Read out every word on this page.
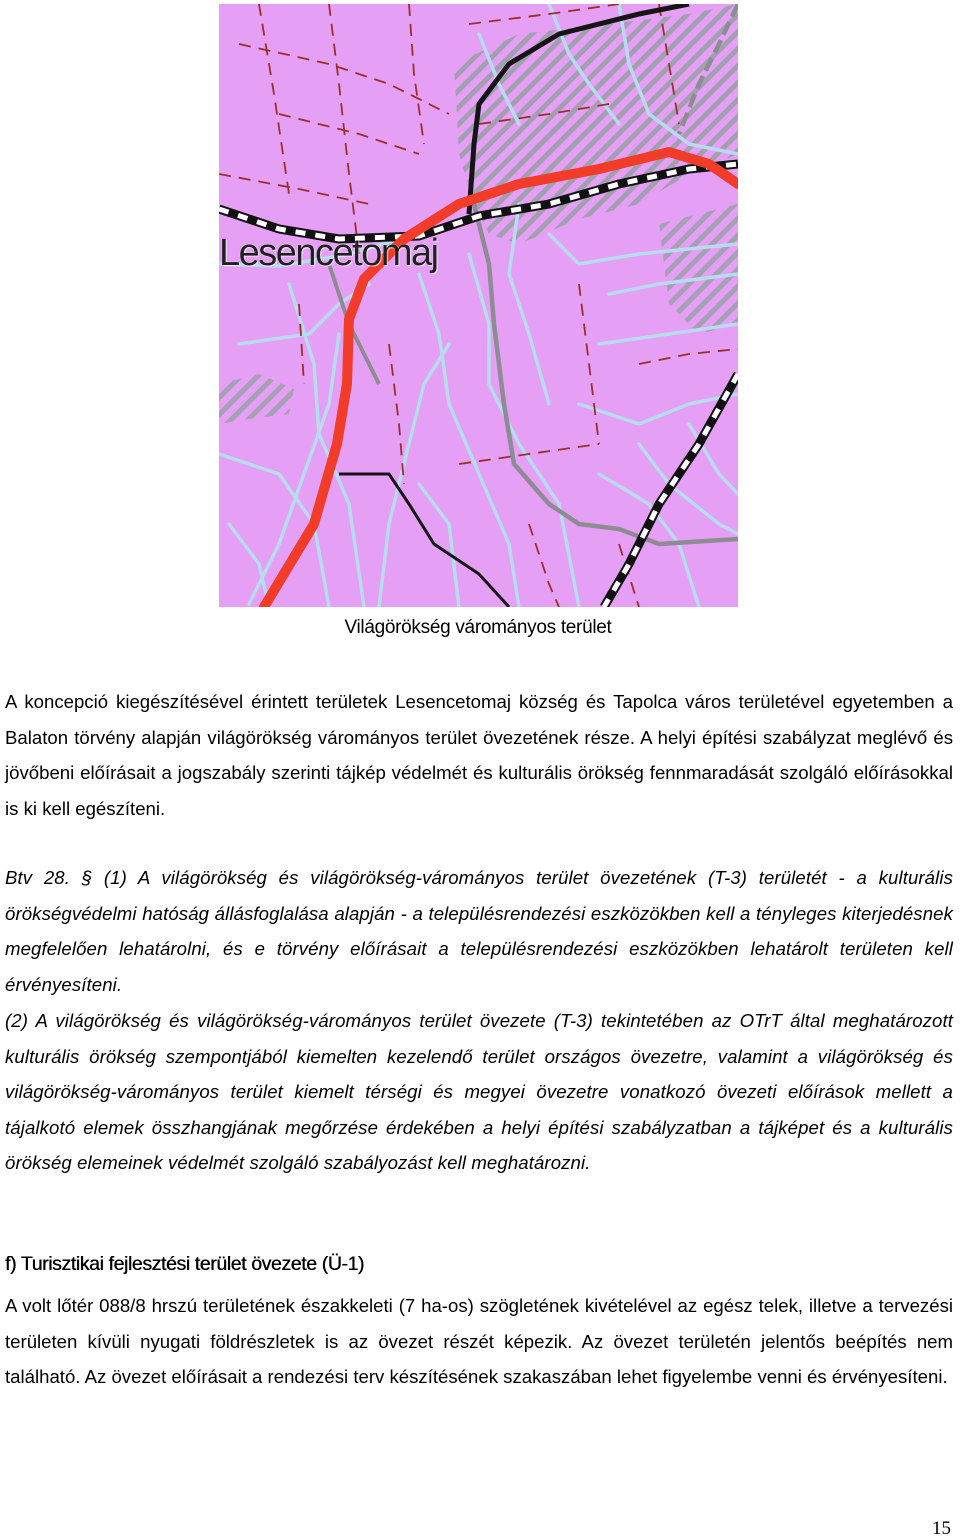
Lesencetomaj
Világörökség várományos terület

A koncepció kiegészítésével érintett területek Lesencetomaj község és Tapolca város területével egyetemben a Balaton törvény alapján világörökség várományos terület övezetének része. A helyi építési szabályzat meglévő és jövőbeni előírásait a jogszabály szerinti tájkép védelmét és kulturális örökség fennmaradását szolgáló előírásokkal is ki kell egészíteni.

Btv 28. § (1) A világörökség és világörökség-várományos terület övezetének (T-3) területét - a kulturális örökségvédelmi hatóság állásfoglalása alapján - a településrendezési eszközökben kell a tényleges kiterjedésnek megfelelően lehatárolni, és e törvény előírásait a településrendezési eszközökben lehatárolt területen kell érvényesíteni.

(2) A világörökség és világörökség-várományos terület övezete (T-3) tekintetében az OTrT által meghatározott kulturális örökség szempontjából kiemelten kezelendő terület országos övezetre, valamint a világörökség és világörökség-várományos terület kiemelt térségi és megyei övezetre vonatkozó övezeti előírások mellett a tájalkotó elemek összhangjának megőrzése érdekében a helyi építési szabályzatban a tájképet és a kulturális örökség elemeinek védelmét szolgáló szabályozást kell meghatározni.

f) Turisztikai fejlesztési terület övezete (Ü-1)

A volt lőtér 088/8 hrszú területének északkeleti (7 ha-os) szögletének kivételével az egész telek, illetve a tervezési területen kívüli nyugati földrészletek is az övezet részét képezik. Az övezet területén jelentős beépítés nem található. Az övezet előírásait a rendezési terv készítésének szakaszában lehet figyelembe venni és érvényesíteni.

15
